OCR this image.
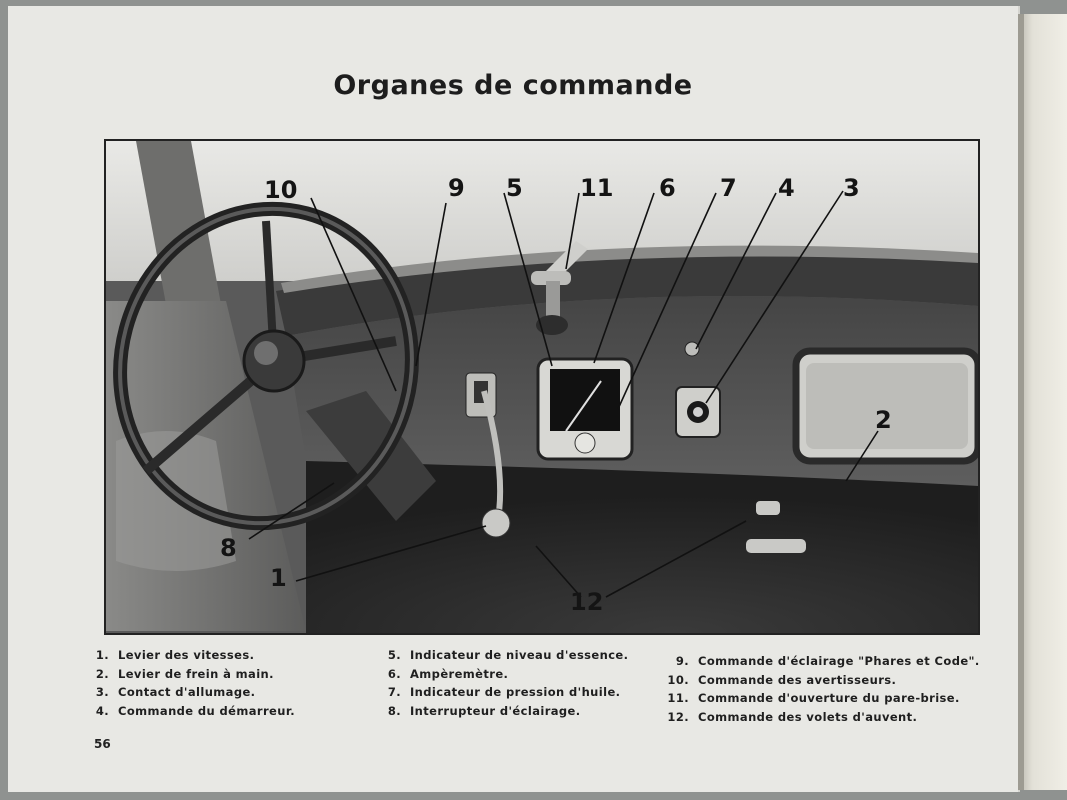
Organes de commande
10	9 5 11 6 7 4 3
2
8
1
12
1. Levier des vitesses.
2. Levier de frein à main.
3. Contact d'allumage.
4. Commande du démarreur.
5. Indicateur de niveau d'essence.
6. Ampèremètre.
7. Indicateur de pression d'huile.
8. Interrupteur d'éclairage.
9. Commande d'éclairage "Phares et Code".
10. Commande des avertisseurs.
11. Commande d'ouverture du pare-brise.
12. Commande des volets d'auvent.
56
